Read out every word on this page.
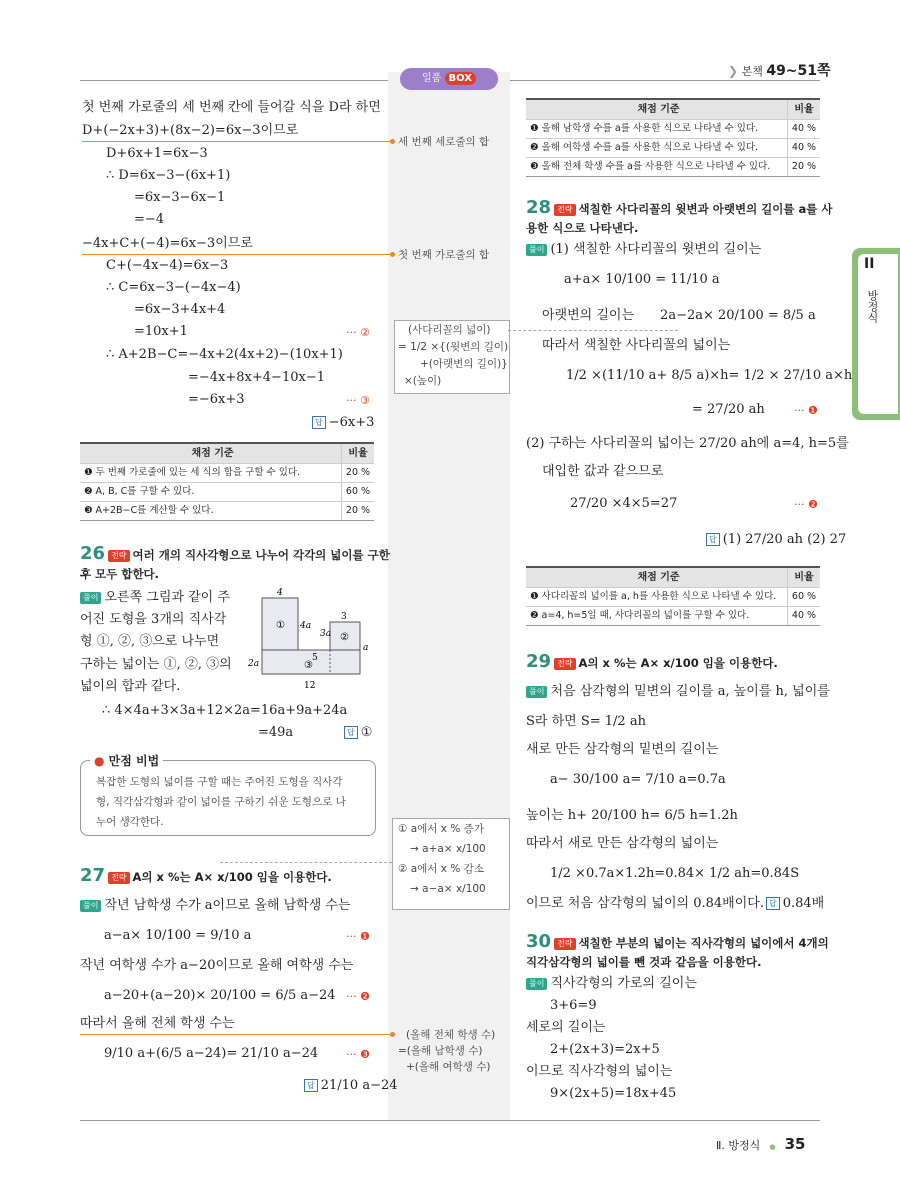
❯ 본책 49~51쪽
일품 BOX
첫 번째 가로줄의 세 번째 칸에 들어갈 식을 D라 하면
D+(−2x+3)+(8x−2)=6x−3이므로
세 번째 세로줄의 합
D+6x+1=6x−3
∴ D=6x−3−(6x+1)
=6x−3−6x−1
=−4
−4x+C+(−4)=6x−3이므로
첫 번째 가로줄의 합
C+(−4x−4)=6x−3
∴ C=6x−3−(−4x−4)
=6x−3+4x+4
=10x+1	··· ②
∴ A+2B−C=−4x+2(4x+2)−(10x+1)
=−4x+8x+4−10x−1
=−6x+3	··· ③
답 −6x+3
(사다리꼴의 넓이)
= 1/2 ×{(윗변의 길이)
+(아랫변의 길이)}
×(높이)
채점 기준	비율
❶ 두 번째 가로줄에 있는 세 식의 합을 구할 수 있다.	20 %
❷ A, B, C를 구할 수 있다.	60 %
❸ A+2B−C를 계산할 수 있다.	20 %
26 전략 여러 개의 직사각형으로 나누어 각각의 넓이를 구한
후 모두 합한다.
풀이 오른쪽 그림과 같이 주
어진 도형을 3개의 직사각
형 ①, ②, ③으로 나누면
구하는 넓이는 ①, ②, ③의
넓이의 합과 같다.
∴ 4×4a+3×3a+12×2a=16a+9a+24a
=49a	답 ①
4
4a
3a
3
a
2a
5
12
①
②
③
● 만점 비법
복잡한 도형의 넓이를 구할 때는 주어진 도형을 직사각
형, 직각삼각형과 같이 넓이를 구하기 쉬운 도형으로 나
누어 생각한다.
① a에서 x % 증가
→ a+a× x/100
② a에서 x % 감소
→ a−a× x/100
27 전략 A의 x %는 A× x/100 임을 이용한다.
풀이 작년 남학생 수가 a이므로 올해 남학생 수는
a−a× 10/100 = 9/10 a	··· ❶
작년 여학생 수가 a−20이므로 올해 여학생 수는
a−20+(a−20)× 20/100 = 6/5 a−24 ··· ❷
따라서 올해 전체 학생 수는
9/10 a+(6/5 a−24)= 21/10 a−24	··· ❸
답 21/10 a−24
(올해 전체 학생 수)
=(올해 남학생 수)
+(올해 여학생 수)
채점 기준	비율
❶ 올해 남학생 수를 a를 사용한 식으로 나타낼 수 있다.	40 %
❷ 올해 여학생 수를 a를 사용한 식으로 나타낼 수 있다.	40 %
❸ 올해 전체 학생 수를 a를 사용한 식으로 나타낼 수 있다.	20 %
28 전략 색칠한 사다리꼴의 윗변과 아랫변의 길이를 a를 사
용한 식으로 나타낸다.
풀이 (1) 색칠한 사다리꼴의 윗변의 길이는
a+a× 10/100 = 11/10 a
아랫변의 길이는 2a−2a× 20/100 = 8/5 a
따라서 색칠한 사다리꼴의 넓이는
1/2 ×(11/10 a+ 8/5 a)×h= 1/2 × 27/10 a×h
= 27/20 ah	··· ❶
(2) 구하는 사다리꼴의 넓이는 27/20 ah에 a=4, h=5를
대입한 값과 같으므로
27/20 ×4×5=27	··· ❷
답 (1) 27/20 ah (2) 27
채점 기준	비율
❶ 사다리꼴의 넓이를 a, h를 사용한 식으로 나타낼 수 있다.	60 %
❷ a=4, h=5일 때, 사다리꼴의 넓이를 구할 수 있다.	40 %
29 전략 A의 x %는 A× x/100 임을 이용한다.
풀이 처음 삼각형의 밑변의 길이를 a, 높이를 h, 넓이를
S라 하면 S= 1/2 ah
새로 만든 삼각형의 밑변의 길이는
a− 30/100 a= 7/10 a=0.7a
높이는 h+ 20/100 h= 6/5 h=1.2h
따라서 새로 만든 삼각형의 넓이는
1/2 ×0.7a×1.2h=0.84× 1/2 ah=0.84S
이므로 처음 삼각형의 넓이의 0.84배이다. 답 0.84배
30 전략 색칠한 부분의 넓이는 직사각형의 넓이에서 4개의
직각삼각형의 넓이를 뺀 것과 같음을 이용한다.
풀이 직사각형의 가로의 길이는
3+6=9
세로의 길이는
2+(2x+3)=2x+5
이므로 직사각형의 넓이는
9×(2x+5)=18x+45
II
방정식
Ⅱ. 방정식 ● 35
